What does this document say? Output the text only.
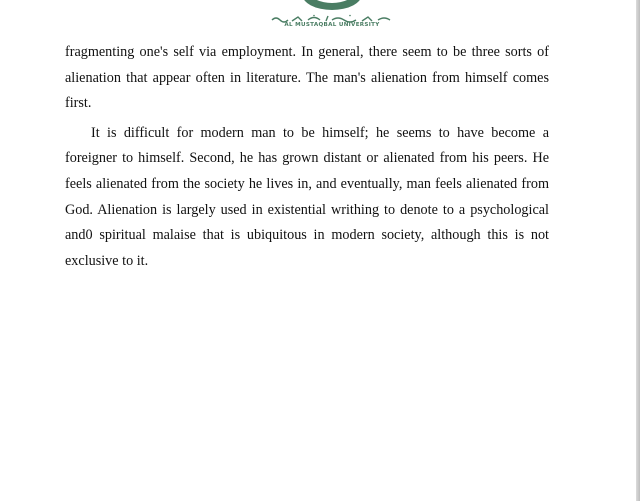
AL MUSTAQBAL UNIVERSITY

fragmenting one's self via employment. In general, there seem to be three sorts of alienation that appear often in literature. The man's alienation from himself comes first.

It is difficult for modern man to be himself; he seems to have become a foreigner to himself. Second, he has grown distant or alienated from his peers. He feels alienated from the society he lives in, and eventually, man feels alienated from God. Alienation is largely used in existential writhing to denote to a psychological and0 spiritual malaise that is ubiquitous in modern society, although this is not exclusive to it.
